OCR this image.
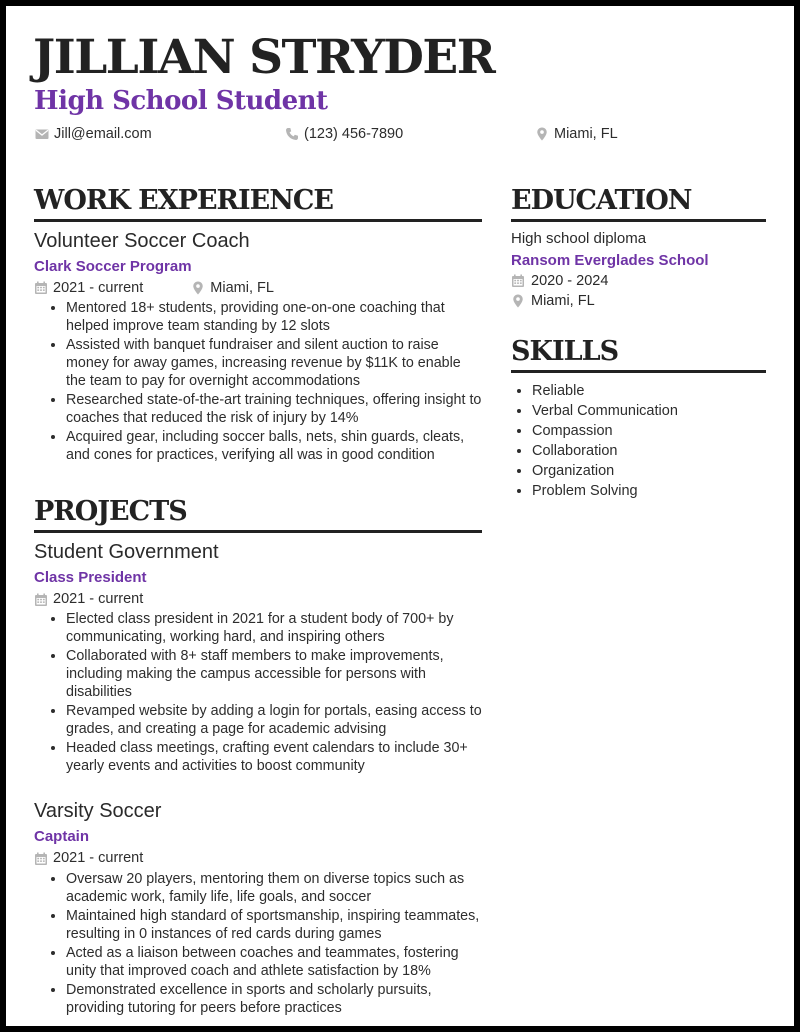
JILLIAN STRYDER
High School Student
Jill@email.com	(123) 456-7890	Miami, FL
WORK EXPERIENCE
Volunteer Soccer Coach
Clark Soccer Program
2021 - current	Miami, FL
• Mentored 18+ students, providing one-on-one coaching that helped improve team standing by 12 slots
• Assisted with banquet fundraiser and silent auction to raise money for away games, increasing revenue by $11K to enable the team to pay for overnight accommodations
• Researched state-of-the-art training techniques, offering insight to coaches that reduced the risk of injury by 14%
• Acquired gear, including soccer balls, nets, shin guards, cleats, and cones for practices, verifying all was in good condition
PROJECTS
Student Government
Class President
2021 - current
• Elected class president in 2021 for a student body of 700+ by communicating, working hard, and inspiring others
• Collaborated with 8+ staff members to make improvements, including making the campus accessible for persons with disabilities
• Revamped website by adding a login for portals, easing access to grades, and creating a page for academic advising
• Headed class meetings, crafting event calendars to include 30+ yearly events and activities to boost community
Varsity Soccer
Captain
2021 - current
• Oversaw 20 players, mentoring them on diverse topics such as academic work, family life, life goals, and soccer
• Maintained high standard of sportsmanship, inspiring teammates, resulting in 0 instances of red cards during games
• Acted as a liaison between coaches and teammates, fostering unity that improved coach and athlete satisfaction by 18%
• Demonstrated excellence in sports and scholarly pursuits, providing tutoring for peers before practices
EDUCATION
High school diploma
Ransom Everglades School
2020 - 2024
Miami, FL
SKILLS
• Reliable
• Verbal Communication
• Compassion
• Collaboration
• Organization
• Problem Solving
